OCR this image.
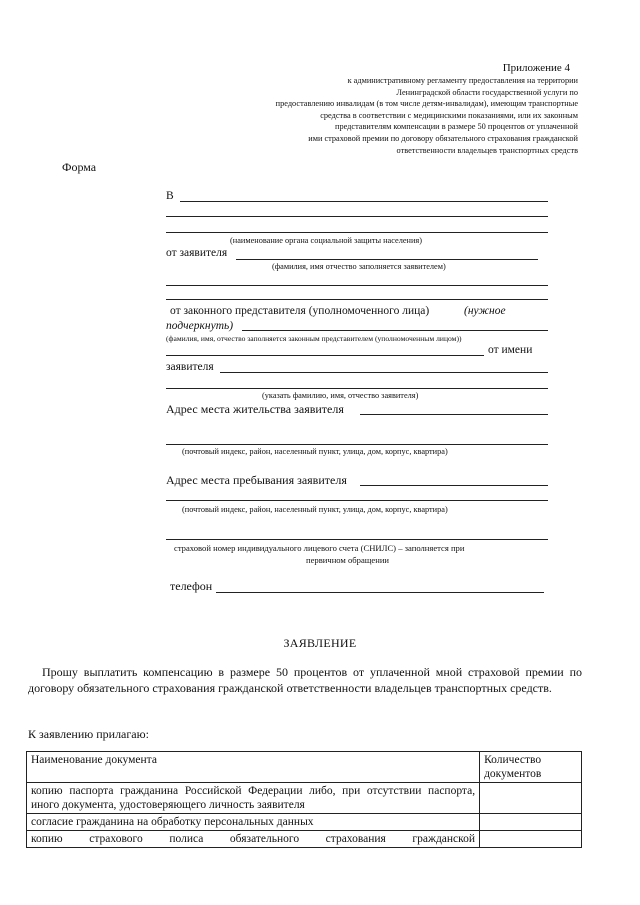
Приложение 4
к административному регламенту предоставления на территории
Ленинградской области государственной услуги по
предоставлению инвалидам (в том числе детям-инвалидам), имеющим транспортные
средства в соответствии с медицинскими показаниями, или их законным
представителям компенсации в размере 50 процентов от уплаченной
ими страховой премии по договору обязательного страхования гражданской
ответственности владельцев транспортных средств
Форма
В
(наименование органа социальной защиты населения)
от заявителя
(фамилия, имя отчество заполняется заявителем)
от законного представителя (уполномоченного лица)	(нужное
подчеркнуть)
(фамилия, имя, отчество заполняется законным представителем (уполномоченным лицом))
от имени
заявителя
(указать фамилию, имя, отчество заявителя)
Адрес места жительства заявителя
(почтовый индекс, район, населенный пункт, улица, дом, корпус, квартира)
Адрес места пребывания заявителя
(почтовый индекс, район, населенный пункт, улица, дом, корпус, квартира)
страховой номер индивидуального лицевого счета (СНИЛС) – заполняется при
первичном обращении
телефон
ЗАЯВЛЕНИЕ
Прошу выплатить компенсацию в размере 50 процентов от уплаченной мной страховой премии по договору обязательного страхования гражданской ответственности владельцев транспортных средств.
К заявлению прилагаю:
Наименование документа	Количество документов
копию паспорта гражданина Российской Федерации либо, при отсутствии паспорта, иного документа, удостоверяющего личность заявителя	
согласие гражданина на обработку персональных данных	
копию страхового полиса обязательного страхования гражданской	
